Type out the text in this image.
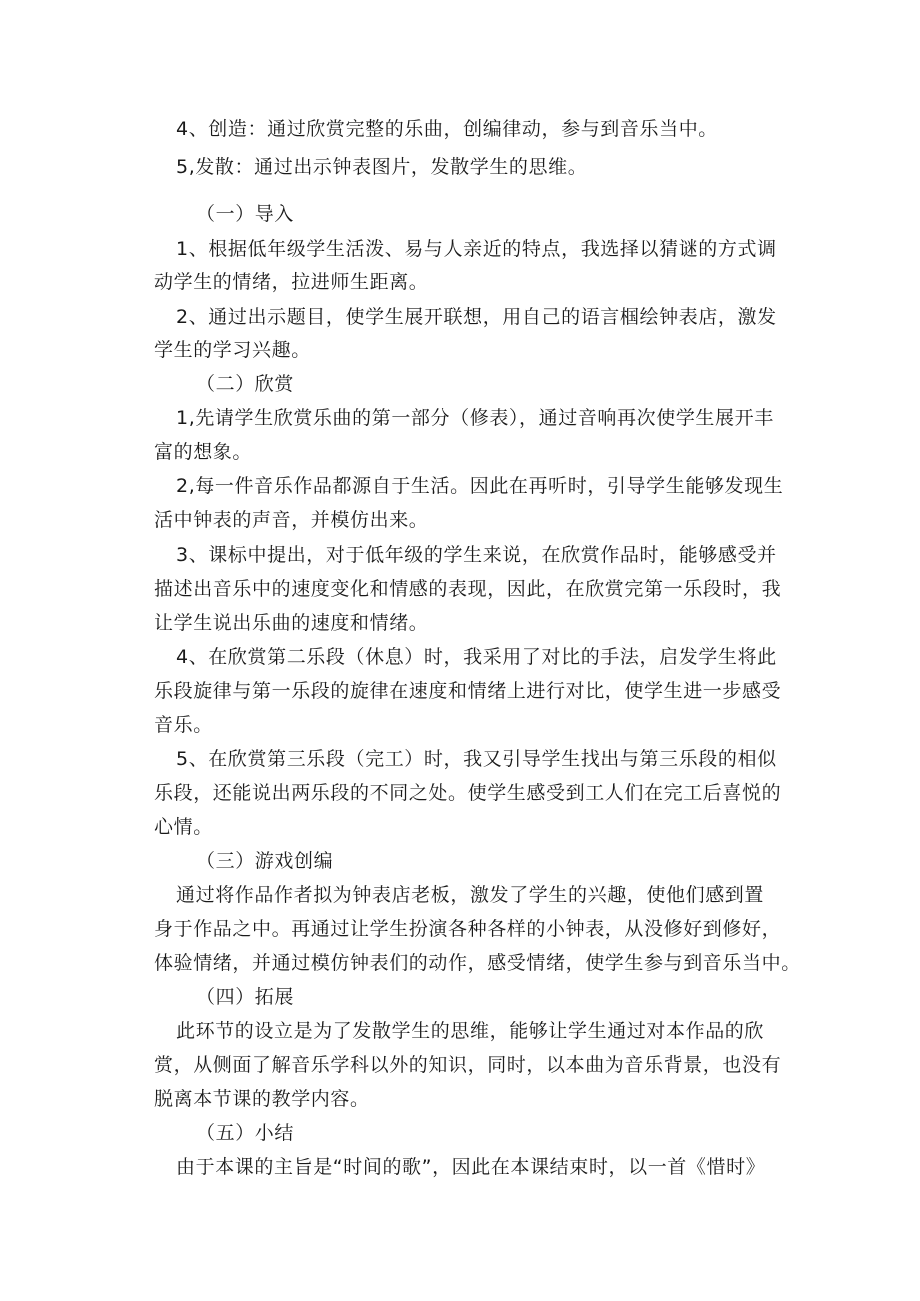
4、创造：通过欣赏完整的乐曲，创编律动，参与到音乐当中。
5,发散：通过出示钟表图片，发散学生的思维。
（一）导入
1、根据低年级学生活泼、易与人亲近的特点，我选择以猜谜的方式调
动学生的情绪，拉进师生距离。
2、通过出示题目，使学生展开联想，用自己的语言椢绘钟表店，激发
学生的学习兴趣。
（二）欣赏
1,先请学生欣赏乐曲的第一部分（修表），通过音响再次使学生展开丰
富的想象。
2,每一件音乐作品都源自于生活。因此在再听时，引导学生能够发现生
活中钟表的声音，并模仿出来。
3、课标中提出，对于低年级的学生来说，在欣赏作品时，能够感受并
描述出音乐中的速度变化和情感的表现，因此，在欣赏完第一乐段时，我
让学生说出乐曲的速度和情绪。
4、在欣赏第二乐段（休息）时，我采用了对比的手法，启发学生将此
乐段旋律与第一乐段的旋律在速度和情绪上进行对比，使学生进一步感受
音乐。
5、在欣赏第三乐段（完工）时，我又引导学生找出与第三乐段的相似
乐段，还能说出两乐段的不同之处。使学生感受到工人们在完工后喜悦的
心情。
（三）游戏创编
通过将作品作者拟为钟表店老板，激发了学生的兴趣，使他们感到置
身于作品之中。再通过让学生扮演各种各样的小钟表，从没修好到修好，
体验情绪，并通过模仿钟表们的动作，感受情绪，使学生参与到音乐当中。
（四）拓展
此环节的设立是为了发散学生的思维，能够让学生通过对本作品的欣
赏，从侧面了解音乐学科以外的知识，同时，以本曲为音乐背景，也没有
脱离本节课的教学内容。
（五）小结
由于本课的主旨是“时间的歌”，因此在本课结束时，以一首《惜时》
